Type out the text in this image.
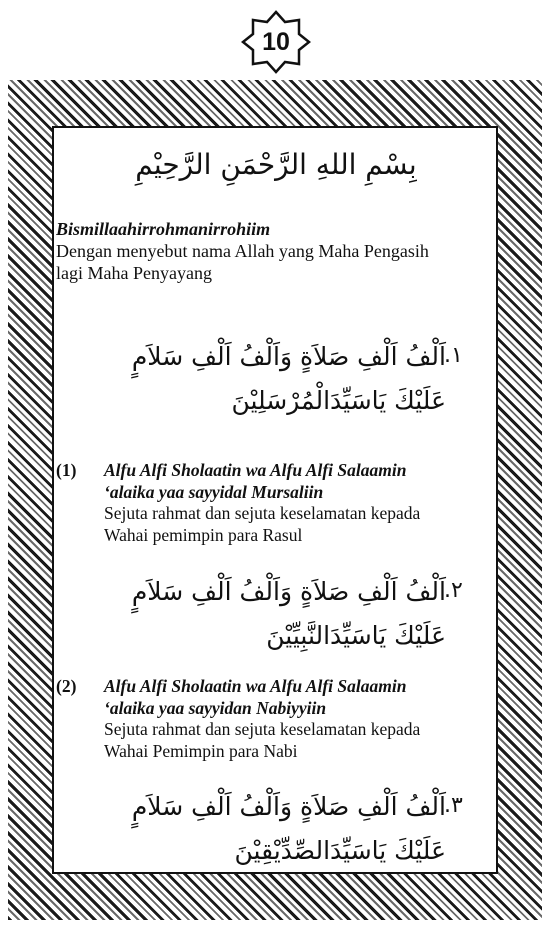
10
بِسْمِ اللهِ الرَّحْمَنِ الرَّحِيْمِ
Bismillaahirrohmanirrohiim
Dengan menyebut nama Allah yang Maha Pengasih
lagi Maha Penyayang
اَلْفُ اَلْفِ صَلاَةٍ وَاَلْفُ اَلْفِ سَلاَمٍ
عَلَيْكَ يَاسَيِّدَالْمُرْسَلِيْنَ
١.
(1) Alfu Alfi Sholaatin wa Alfu Alfi Salaamin
‘alaika yaa sayyidal Mursaliin
Sejuta rahmat dan sejuta keselamatan kepada
Wahai pemimpin para Rasul
اَلْفُ اَلْفِ صَلاَةٍ وَاَلْفُ اَلْفِ سَلاَمٍ
عَلَيْكَ يَاسَيِّدَالنَّبِيِّيْنَ
٢.
(2) Alfu Alfi Sholaatin wa Alfu Alfi Salaamin
‘alaika yaa sayyidan Nabiyyiin
Sejuta rahmat dan sejuta keselamatan kepada
Wahai Pemimpin para Nabi
اَلْفُ اَلْفِ صَلاَةٍ وَاَلْفُ اَلْفِ سَلاَمٍ
عَلَيْكَ يَاسَيِّدَالصِّدِّيْقِيْنَ
٣.
